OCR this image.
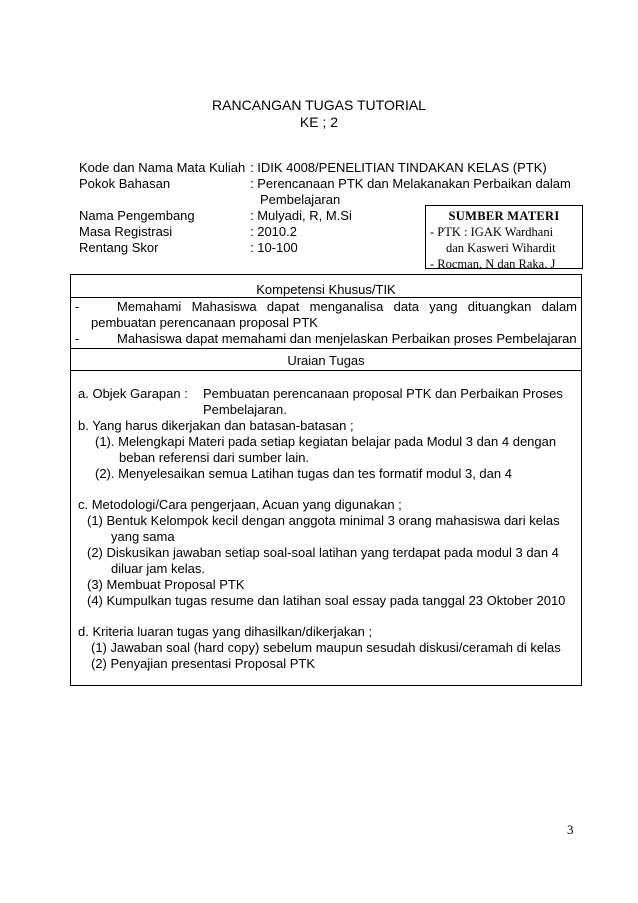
RANCANGAN TUGAS TUTORIAL
KE ; 2
Kode dan Nama Mata Kuliah : IDIK 4008/PENELITIAN TINDAKAN KELAS (PTK)
Pokok Bahasan	: Perencanaan PTK dan Melakanakan Perbaikan dalam
Pembelajaran
Nama Pengembang	: Mulyadi, R, M.Si
Masa Registrasi	: 2010.2
Rentang Skor	: 10-100
SUMBER MATERI
- PTK : IGAK Wardhani
dan Kasweri Wihardit
- Rocman, N dan Raka. J
Kompetensi Khusus/TIK
-	Memahami Mahasiswa dapat menganalisa data yang dituangkan dalam
pembuatan perencanaan proposal PTK
-	Mahasiswa dapat memahami dan menjelaskan Perbaikan proses Pembelajaran
Uraian Tugas
a. Objek Garapan : Pembuatan perencanaan proposal PTK dan Perbaikan Proses
Pembelajaran.
b. Yang harus dikerjakan dan batasan-batasan ;
(1). Melengkapi Materi pada setiap kegiatan belajar pada Modul 3 dan 4 dengan
beban referensi dari sumber lain.
(2). Menyelesaikan semua Latihan tugas dan tes formatif modul 3, dan 4
c. Metodologi/Cara pengerjaan, Acuan yang digunakan ;
(1) Bentuk Kelompok kecil dengan anggota minimal 3 orang mahasiswa dari kelas
yang sama
(2) Diskusikan jawaban setiap soal-soal latihan yang terdapat pada modul 3 dan 4
diluar jam kelas.
(3) Membuat Proposal PTK
(4) Kumpulkan tugas resume dan latihan soal essay pada tanggal 23 Oktober 2010
d. Kriteria luaran tugas yang dihasilkan/dikerjakan ;
(1) Jawaban soal (hard copy) sebelum maupun sesudah diskusi/ceramah di kelas
(2) Penyajian presentasi Proposal PTK
3
